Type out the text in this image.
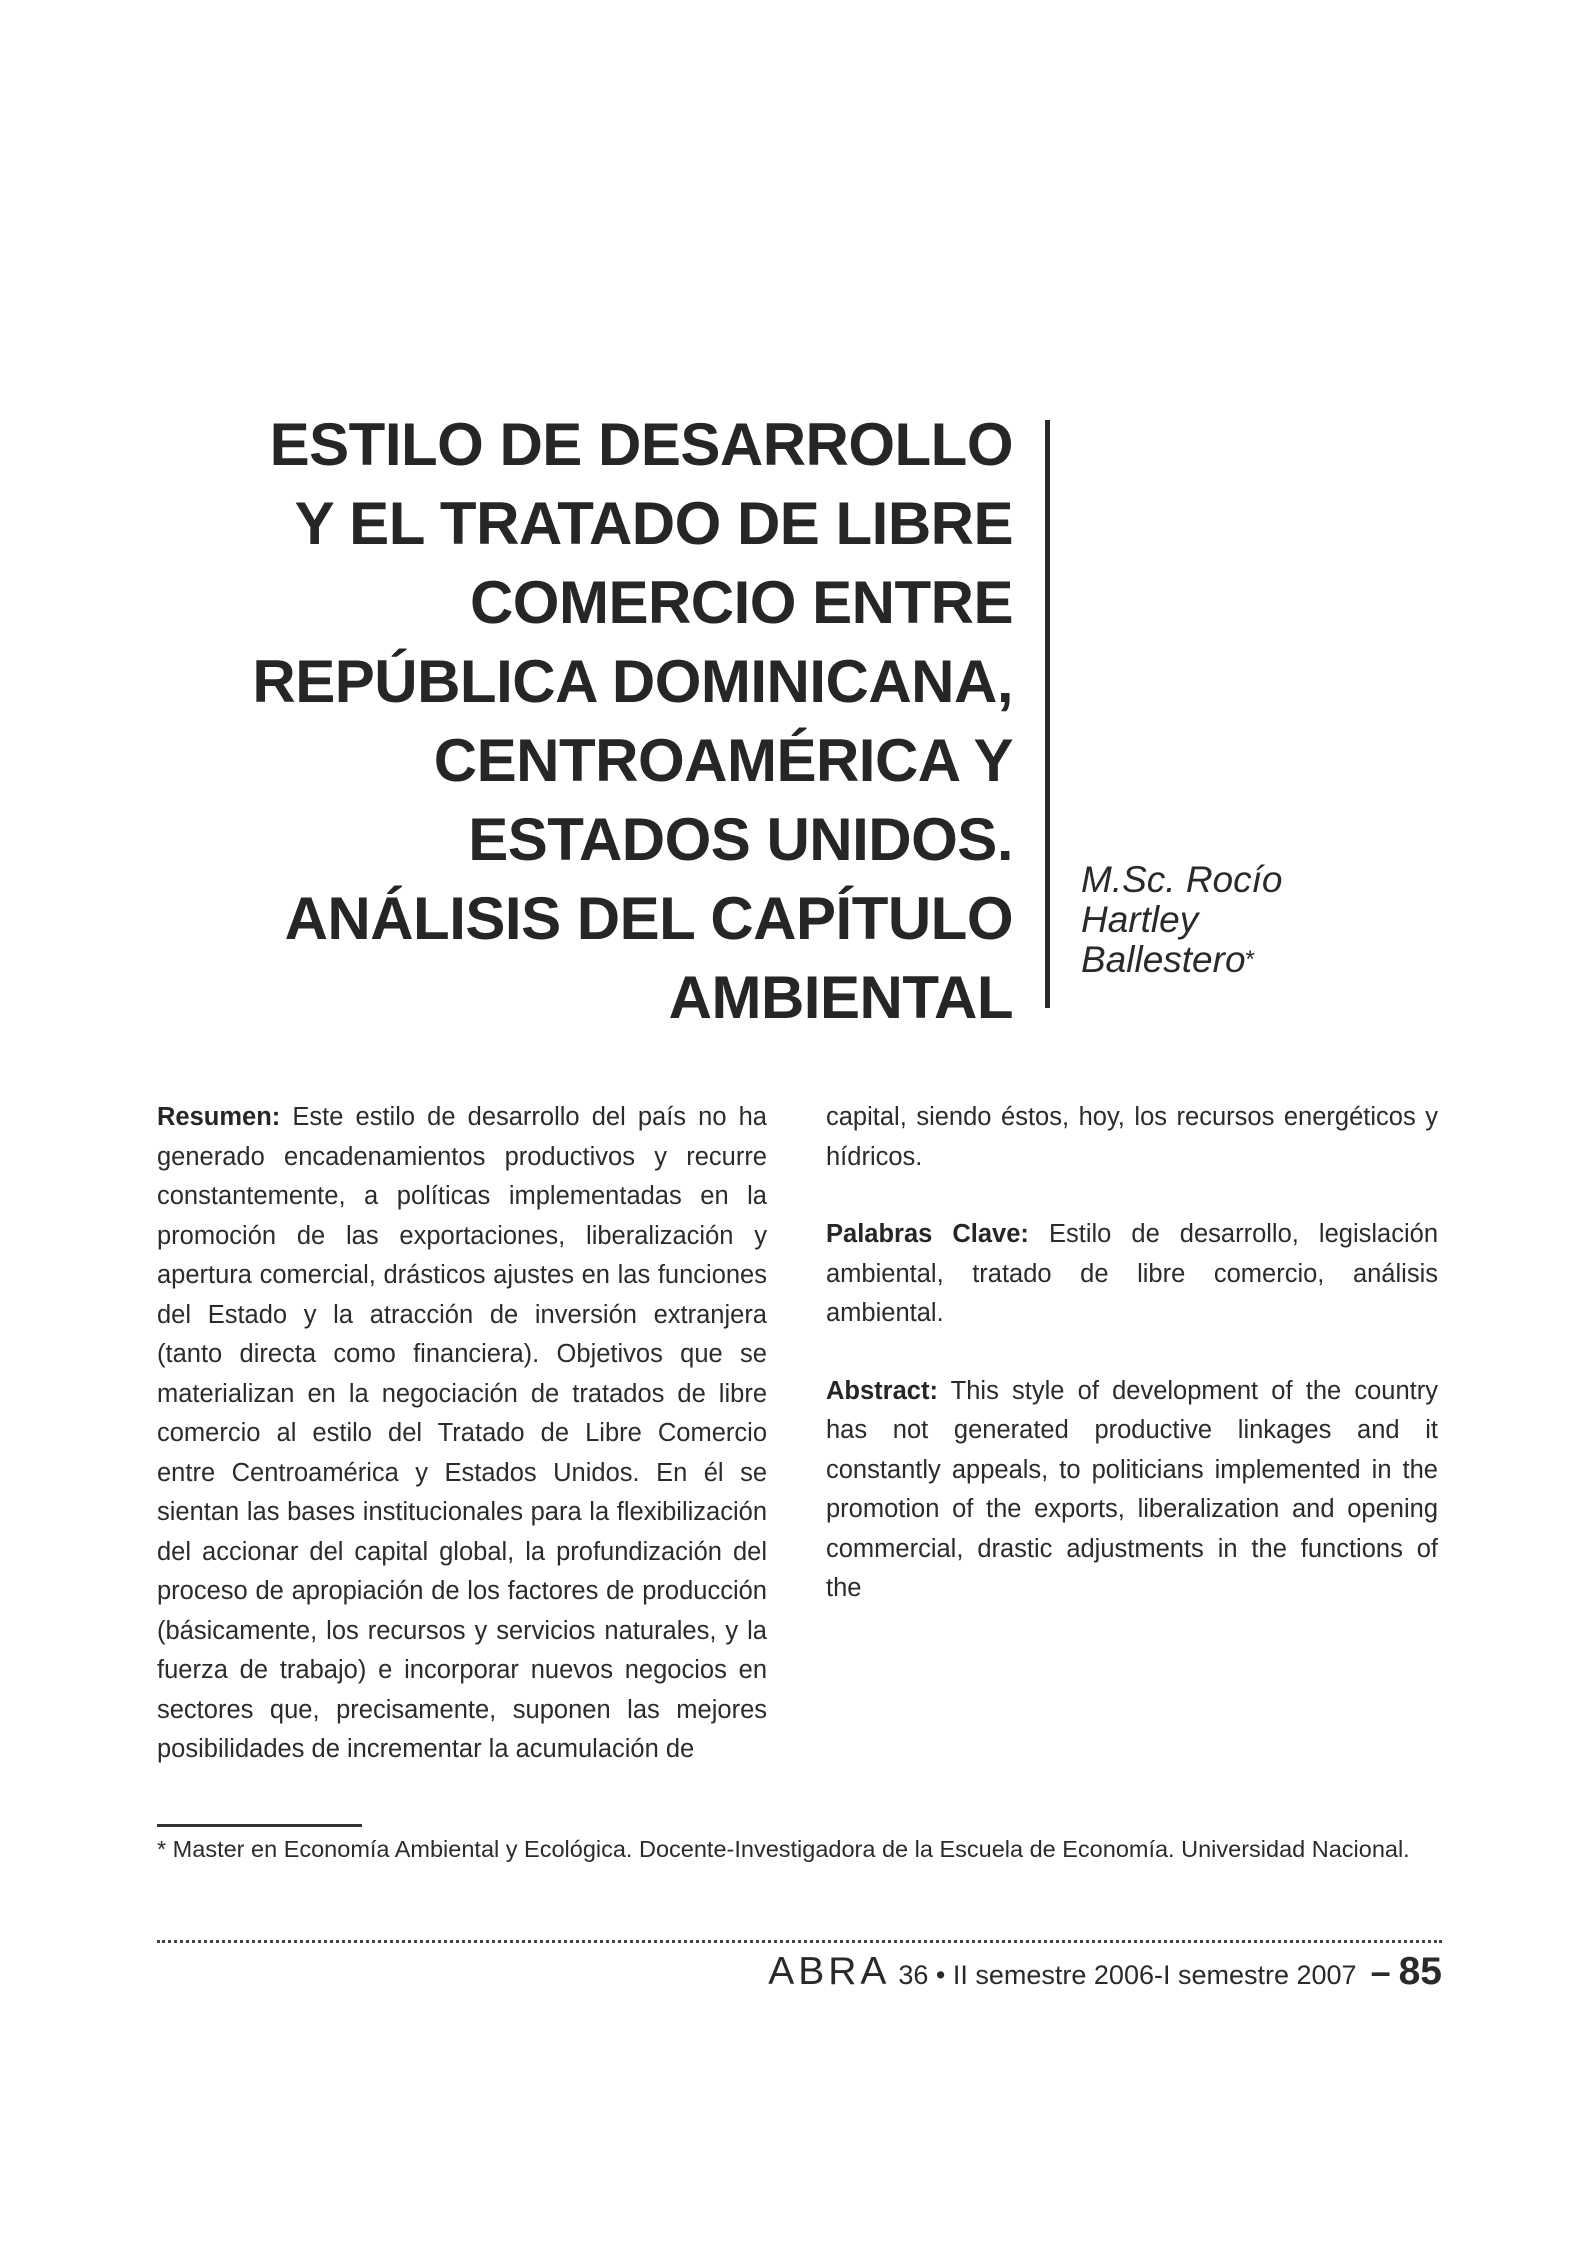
ESTILO DE DESARROLLO
Y EL TRATADO DE LIBRE
COMERCIO ENTRE
REPÚBLICA DOMINICANA,
CENTROAMÉRICA Y
ESTADOS UNIDOS.
ANÁLISIS DEL CAPÍTULO
AMBIENTAL
M.Sc. Rocío
Hartley
Ballestero*

Resumen: Este estilo de desarrollo del país no ha generado encadenamientos productivos y recurre constantemente, a políticas implementadas en la promoción de las exportaciones, liberalización y apertura comercial, drásticos ajustes en las funciones del Estado y la atracción de inversión extranjera (tanto directa como financiera). Objetivos que se materializan en la negociación de tratados de libre comercio al estilo del Tratado de Libre Comercio entre Centroamérica y Estados Unidos. En él se sientan las bases institucionales para la flexibilización del accionar del capital global, la profundización del proceso de apropiación de los factores de producción (básicamente, los recursos y servicios naturales, y la fuerza de trabajo) e incorporar nuevos negocios en sectores que, precisamente, suponen las mejores posibilidades de incrementar la acumulación de

capital, siendo éstos, hoy, los recursos energéticos y hídricos.

Palabras Clave: Estilo de desarrollo, legislación ambiental, tratado de libre comercio, análisis ambiental.

Abstract: This style of development of the country has not generated productive linkages and it constantly appeals, to politicians implemented in the promotion of the exports, liberalization and opening commercial, drastic adjustments in the functions of the

* Master en Economía Ambiental y Ecológica. Docente-Investigadora de la Escuela de Economía. Universidad Nacional.
ABRA 36 • II semestre 2006-I semestre 2007 – 85
